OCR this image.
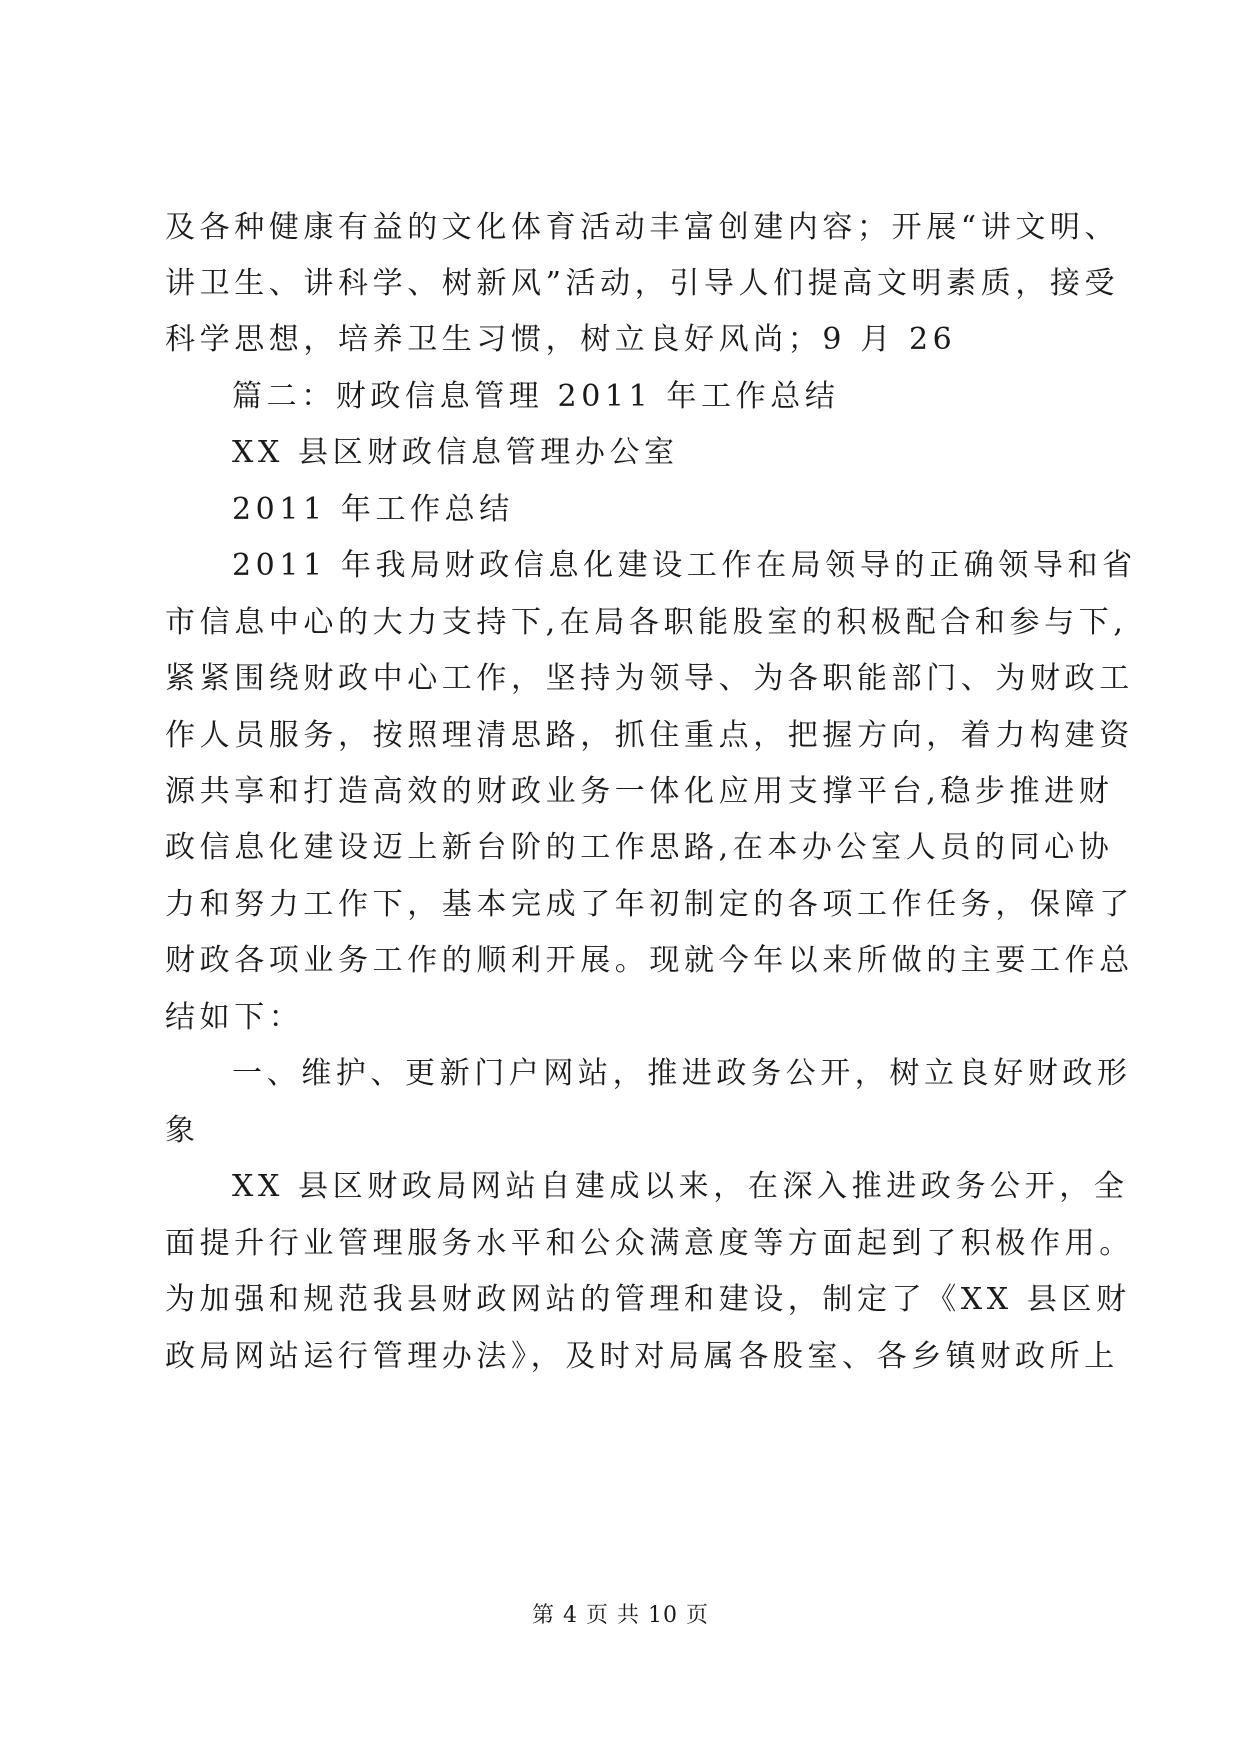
及各种健康有益的文化体育活动丰富创建内容；开展“讲文明、
讲卫生、讲科学、树新风”活动，引导人们提高文明素质，接受
科学思想，培养卫生习惯，树立良好风尚；9 月 26
篇二：财政信息管理 2011 年工作总结
XX 县区财政信息管理办公室
2011 年工作总结
2011 年我局财政信息化建设工作在局领导的正确领导和省
市信息中心的大力支持下,在局各职能股室的积极配合和参与下,
紧紧围绕财政中心工作，坚持为领导、为各职能部门、为财政工
作人员服务，按照理清思路，抓住重点，把握方向，着力构建资
源共享和打造高效的财政业务一体化应用支撑平台,稳步推进财
政信息化建设迈上新台阶的工作思路,在本办公室人员的同心协
力和努力工作下，基本完成了年初制定的各项工作任务，保障了
财政各项业务工作的顺利开展。现就今年以来所做的主要工作总
结如下：
一、维护、更新门户网站，推进政务公开，树立良好财政形
象
XX 县区财政局网站自建成以来，在深入推进政务公开，全
面提升行业管理服务水平和公众满意度等方面起到了积极作用。
为加强和规范我县财政网站的管理和建设，制定了《XX 县区财
政局网站运行管理办法》，及时对局属各股室、各乡镇财政所上
第 4 页 共 10 页
